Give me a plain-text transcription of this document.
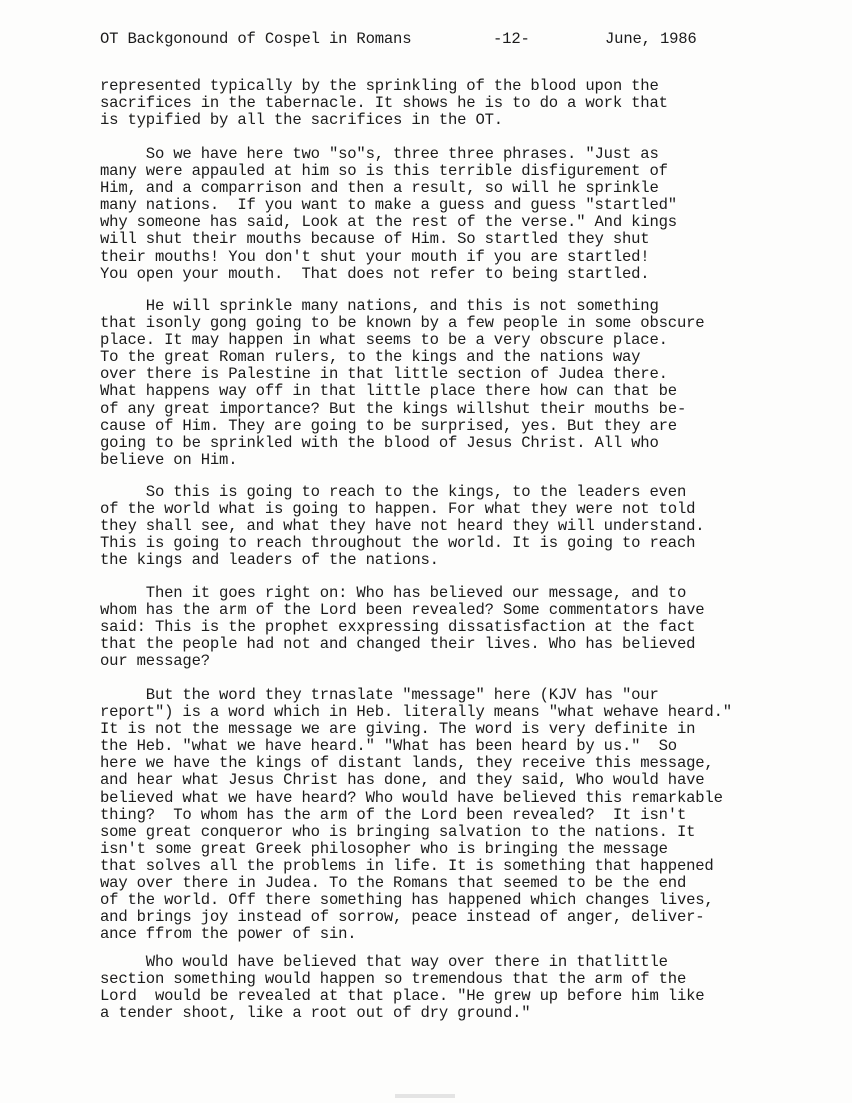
OT Backgonound of Cospel in Romans

	-12-

	June, 1986

represented typically by the sprinkling of the blood upon the
sacrifices in the tabernacle. It shows he is to do a work that
is typified by all the sacrifices in the OT.
So we have here two "so"s, three three phrases. "Just as
many were appauled at him so is this terrible disfigurement of
Him, and a comparrison and then a result, so will he sprinkle
many nations.  If you want to make a guess and guess "startled"
why someone has said, Look at the rest of the verse." And kings
will shut their mouths because of Him. So startled they shut
their mouths! You don't shut your mouth if you are startled!
You open your mouth.  That does not refer to being startled.
He will sprinkle many nations, and this is not something
that isonly gong going to be known by a few people in some obscure
place. It may happen in what seems to be a very obscure place.
To the great Roman rulers, to the kings and the nations way
over there is Palestine in that little section of Judea there.
What happens way off in that little place there how can that be
of any great importance? But the kings willshut their mouths be-
cause of Him. They are going to be surprised, yes. But they are
going to be sprinkled with the blood of Jesus Christ. All who
believe on Him.
So this is going to reach to the kings, to the leaders even
of the world what is going to happen. For what they were not told
they shall see, and what they have not heard they will understand.
This is going to reach throughout the world. It is going to reach
the kings and leaders of the nations.
Then it goes right on: Who has believed our message, and to
whom has the arm of the Lord been revealed? Some commentators have
said: This is the prophet exxpressing dissatisfaction at the fact
that the people had not and changed their lives. Who has believed
our message?
But the word they trnaslate "message" here (KJV has "our
report") is a word which in Heb. literally means "what wehave heard."
It is not the message we are giving. The word is very definite in
the Heb. "what we have heard." "What has been heard by us."  So
here we have the kings of distant lands, they receive this message,
and hear what Jesus Christ has done, and they said, Who would have
believed what we have heard? Who would have believed this remarkable
thing?  To whom has the arm of the Lord been revealed?  It isn't
some great conqueror who is bringing salvation to the nations. It
isn't some great Greek philosopher who is bringing the message
that solves all the problems in life. It is something that happened
way over there in Judea. To the Romans that seemed to be the end
of the world. Off there something has happened which changes lives,
and brings joy instead of sorrow, peace instead of anger, deliver-
ance ffrom the power of sin.
Who would have believed that way over there in thatlittle
section something would happen so tremendous that the arm of the
Lord  would be revealed at that place. "He grew up before him like
a tender shoot, like a root out of dry ground."
